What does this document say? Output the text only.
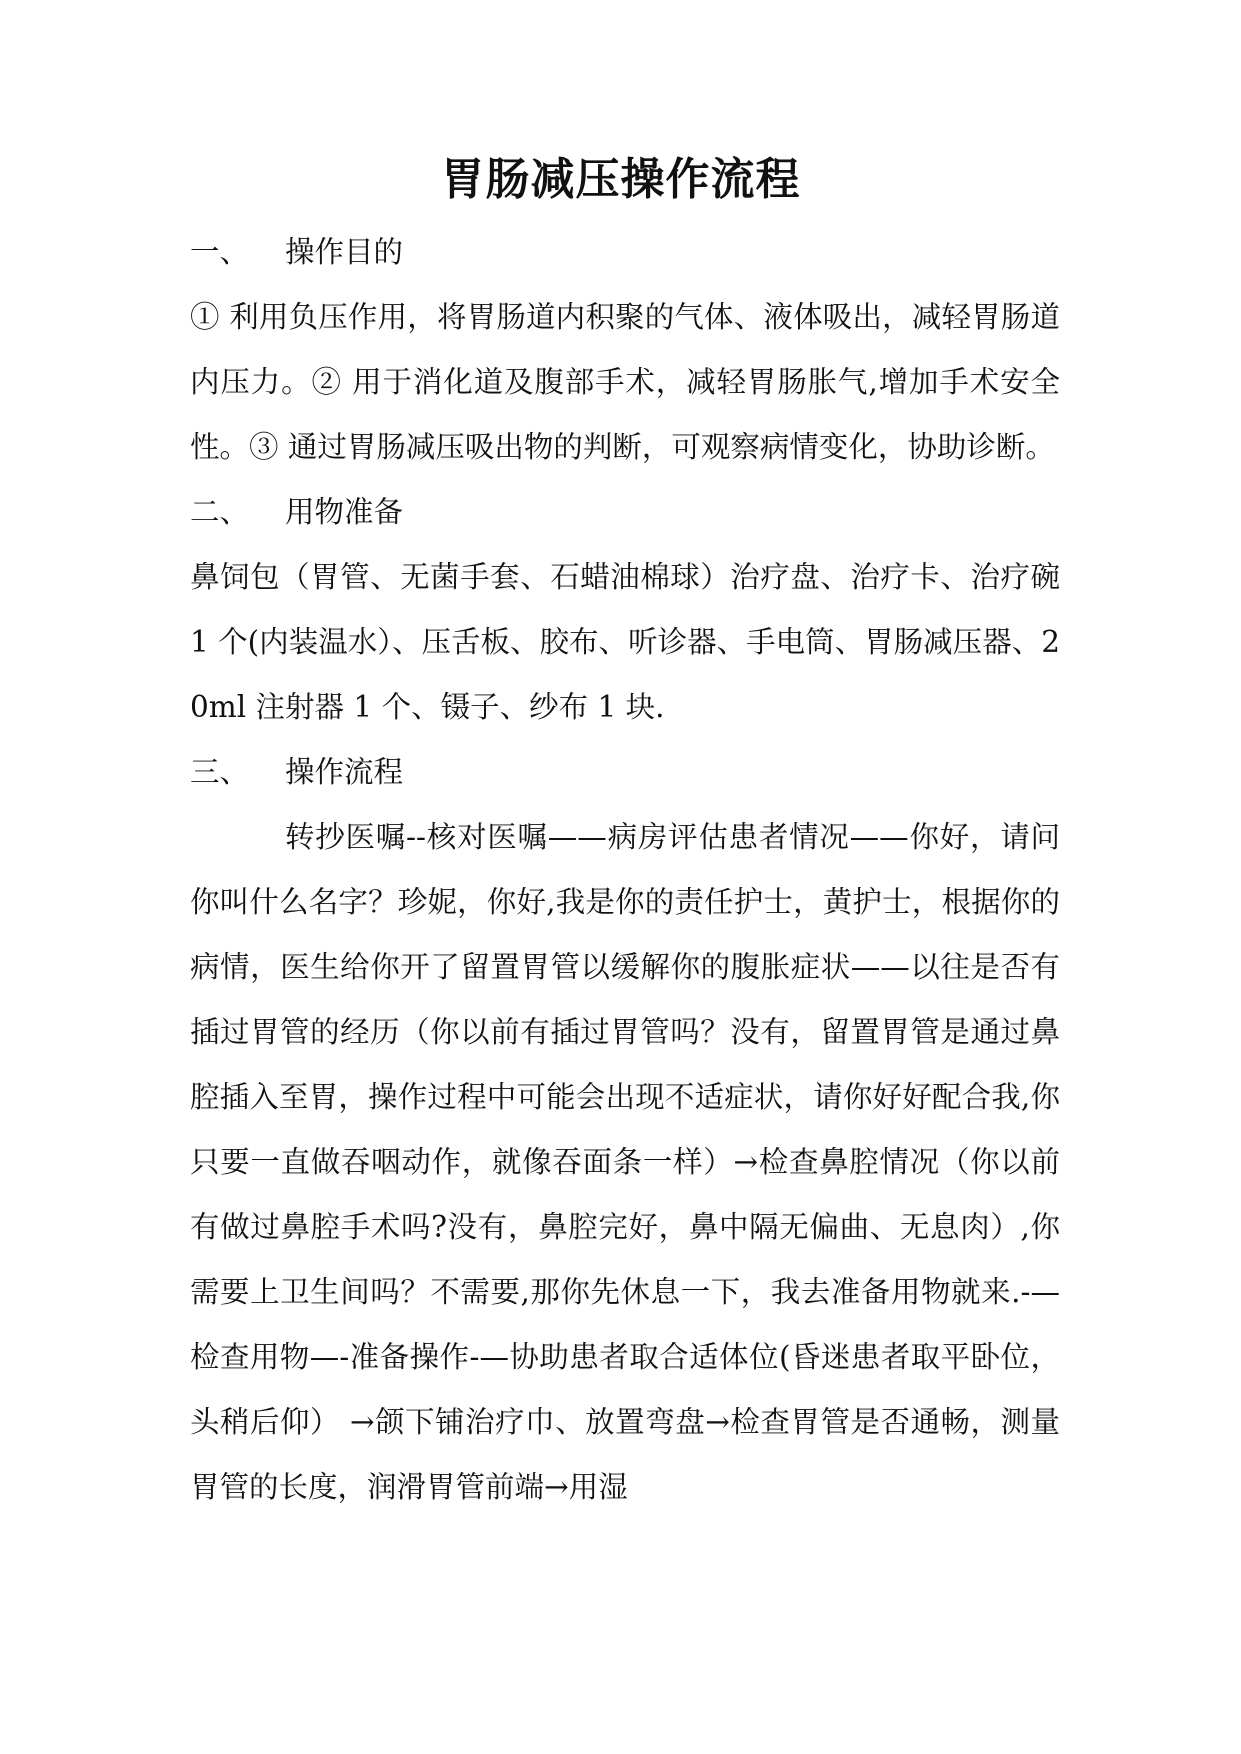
胃肠减压操作流程
一、 操作目的
① 利用负压作用，将胃肠道内积聚的气体、液体吸出，减轻胃肠道内压力。② 用于消化道及腹部手术，减轻胃肠胀气,增加手术安全性。③ 通过胃肠减压吸出物的判断，可观察病情变化，协助诊断。
二、 用物准备
鼻饲包（胃管、无菌手套、石蜡油棉球）治疗盘、治疗卡、治疗碗 1 个(内装温水）、压舌板、胶布、听诊器、手电筒、胃肠减压器、20ml 注射器 1 个、镊子、纱布 1 块.
三、 操作流程
转抄医嘱--核对医嘱——病房评估患者情况——你好，请问你叫什么名字？珍妮，你好,我是你的责任护士，黄护士，根据你的病情，医生给你开了留置胃管以缓解你的腹胀症状——以往是否有插过胃管的经历（你以前有插过胃管吗？没有，留置胃管是通过鼻腔插入至胃，操作过程中可能会出现不适症状，请你好好配合我,你只要一直做吞咽动作，就像吞面条一样）→检查鼻腔情况（你以前有做过鼻腔手术吗?没有，鼻腔完好，鼻中隔无偏曲、无息肉）,你需要上卫生间吗？不需要,那你先休息一下，我去准备用物就来.-—检查用物—-准备操作-—协助患者取合适体位(昏迷患者取平卧位，头稍后仰） →颌下铺治疗巾、放置弯盘→检查胃管是否通畅，测量胃管的长度，润滑胃管前端→用湿
